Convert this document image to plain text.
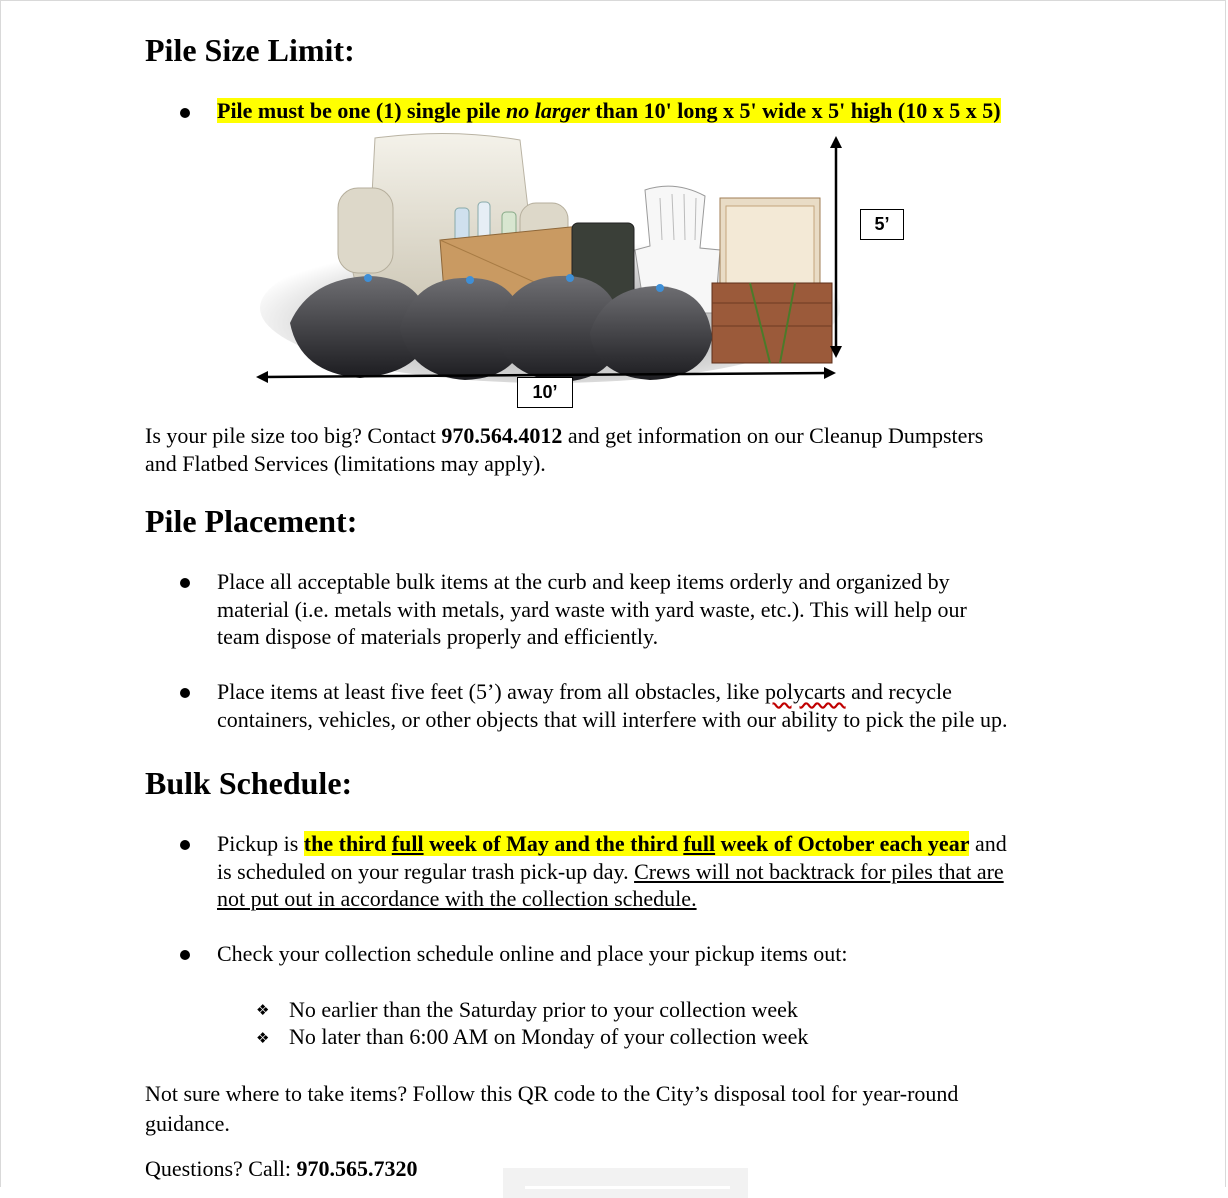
Pile Size Limit:

Pile must be one (1) single pile no larger than 10' long x 5' wide x 5' high (10 x 5 x 5)

5’
10’

Is your pile size too big? Contact 970.564.4012 and get information on our Cleanup Dumpsters
and Flatbed Services (limitations may apply).

Pile Placement:

Place all acceptable bulk items at the curb and keep items orderly and organized by
material (i.e. metals with metals, yard waste with yard waste, etc.). This will help our
team dispose of materials properly and efficiently.

Place items at least five feet (5’) away from all obstacles, like polycarts and recycle
containers, vehicles, or other objects that will interfere with our ability to pick the pile up.

Bulk Schedule:

Pickup is the third full week of May and the third full week of October each year and
is scheduled on your regular trash pick-up day. Crews will not backtrack for piles that are
not put out in accordance with the collection schedule.

Check your collection schedule online and place your pickup items out:

❖ No earlier than the Saturday prior to your collection week

❖ No later than 6:00 AM on Monday of your collection week

Not sure where to take items? Follow this QR code to the City’s disposal tool for year-round
guidance.

Questions? Call: 970.565.7320
